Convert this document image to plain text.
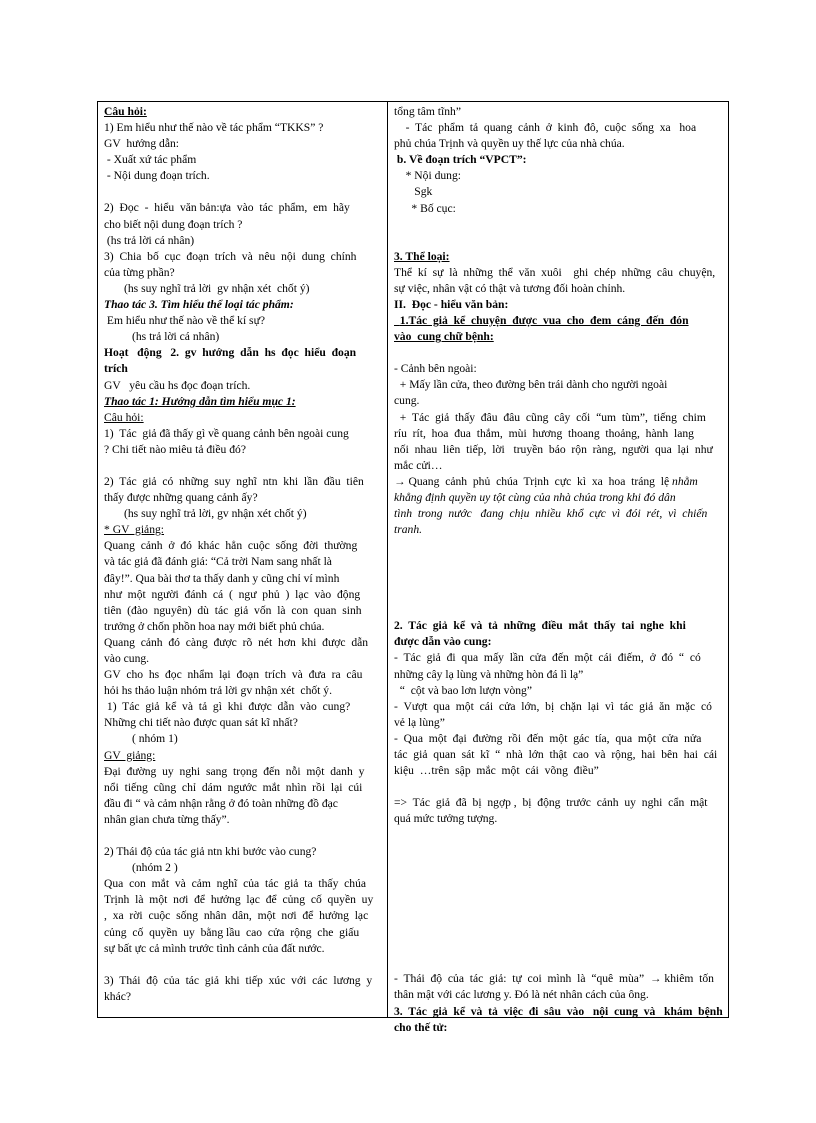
Câu hỏi:
1) Em hiểu như thế nào về tác phẩm “TKKS” ?
GV  hướng dẫn:
- Xuất xứ tác phẩm
- Nội dung đoạn trích.
2)  Đọc  -  hiểu  văn bản:ựa  vào  tác  phẩm,  em  hãy
cho biết nội dung đoạn trích ?
(hs trả lời cá nhân)
3)  Chia  bố  cục  đoạn  trích  và  nêu  nội  dung  chính
của từng phần?
(hs suy nghĩ trả lời  gv nhận xét  chốt ý)
Thao tác 3. Tìm hiểu thể loại tác phẩm:
Em hiểu như thế nào về thể kí sự?
(hs trả lời cá nhân)
Hoạt   động   2.  gv  hướng  dẫn  hs  đọc  hiểu  đoạn
trích
GV   yêu cầu hs đọc đoạn trích.
Thao tác 1: Hướng dẫn tìm hiểu mục 1:
Câu hỏi:
1)  Tác  giả đã thấy gì về quang cảnh bên ngoài cung
? Chi tiết nào miêu tả điều đó?
2)  Tác  giả  có  những  suy  nghĩ  ntn  khi  lần  đầu  tiên
thấy được những quang cảnh ấy?
(hs suy nghĩ trả lời, gv nhận xét chốt ý)
* GV  giảng:
Quang  cảnh  ở  đó  khác  hẳn  cuộc  sống  đời  thường
và tác giả đã đánh giá: “Cả trời Nam sang nhất là
đây!”. Qua bài thơ ta thấy danh y cũng chỉ ví mình
như  một  người  đánh  cá  (  ngư  phủ  )  lạc  vào  động
tiên  (đào  nguyên)  dù  tác  giả  vốn  là  con  quan  sinh
trưởng ở chốn phồn hoa nay mới biết phủ chúa.
Quang  cảnh  đó  càng  được  rõ  nét  hơn  khi  được  dẫn
vào cung.
GV  cho  hs  đọc  nhẩm  lại  đoạn  trích  và  đưa  ra  câu
hỏi hs thảo luận nhóm trả lời gv nhận xét  chốt ý.
1)  Tác  giả  kể  và  tả  gì  khi  được  dẫn  vào  cung?
Những chi tiết nào được quan sát kĩ nhất?
( nhóm 1)
GV  giảng:
Đại  đường  uy  nghi  sang  trọng  đến  nỗi  một  danh  y
nổi  tiếng  cũng  chỉ  dám  ngước  mắt  nhìn  rồi  lại  cúi
đầu đi “ và cảm nhận rằng ở đó toàn những đồ đạc
nhân gian chưa từng thấy”.
2) Thái độ của tác giả ntn khi bước vào cung?
(nhóm 2 )
Qua  con  mắt  và  cảm  nghĩ  của  tác  giả  ta  thấy  chúa
Trịnh  là  một  nơi  để  hưởng  lạc  để  củng  cố  quyền  uy
,  xa  rời  cuộc  sống  nhân  dân,  một  nơi  để  hưởng  lạc
củng  cố  quyền  uy  bằng lầu  cao  cửa  rộng  che  giấu
sự bất ực cả mình trước tình cảnh của đất nước.
3)  Thái  độ  của  tác  giả  khi  tiếp  xúc  với  các  lương  y
khác?
tổng tâm tĩnh”
-  Tác  phẩm  tả  quang  cảnh  ở  kinh  đô,  cuộc  sống  xa   hoa
phủ chúa Trịnh và quyền uy thế lực của nhà chúa.
b. Về đoạn trích “VPCT”:
* Nội dung:
Sgk
* Bố cục:
3. Thể loại:
Thể  kí  sự  là  những  thể  văn  xuôi    ghi  chép  những  câu  chuyện,
sự việc, nhân vật có thật và tương đối hoàn chỉnh.
II.  Đọc - hiểu văn bản:
1.Tác  giả  kể  chuyện  được  vua  cho  đem  cáng  đến  đón
vào  cung chữ bệnh:
- Cảnh bên ngoài:
+ Mấy lần cửa, theo đường bên trái dành cho người ngoài
cung.
+  Tác  giả  thấy  đâu  đâu  cũng  cây  cối  “um  tùm”,  tiếng  chim
ríu  rít,  hoa  đua  thắm,  mùi  hương  thoang  thoảng,  hành  lang
nối  nhau  liên  tiếp,  lời   truyền  báo  rộn  ràng,  người  qua  lại  như
mắc cửi…
→ Quang  cảnh  phủ  chúa  Trịnh  cực  kì  xa  hoa  tráng  lệ nhằm
khẳng định quyền uy tột cùng của nhà chúa trong khi đó dân
tình  trong  nước   đang  chịu  nhiều  khổ  cực  vì  đói  rét,  vì  chiến
tranh.
2.  Tác  giả  kể  và  tả  những  điều  mắt  thấy  tai  nghe  khi
được dẫn vào cung:
-  Tác  giả  đi  qua  mấy  lần  cửa  đến  một  cái  điếm,  ở  đó  “  có
những cây lạ lùng và những hòn đá lì lạ”
“  cột và bao lơn lượn vòng”
-  Vượt  qua  một  cái  cửa  lớn,  bị  chặn  lại  vì  tác  giả  ăn  mặc  có
vẻ lạ lùng”
-  Qua  một  đại  đường  rồi  đến  một  gác  tía,  qua  một  cửa  nửa
tác  giả  quan  sát  kĩ  “  nhà  lớn  thật  cao  và  rộng,  hai  bên  hai  cái
kiệu  …trên  sập  mắc  một  cái  võng  điều”
=>  Tác  giả  đã  bị  ngợp ,  bị  động  trước  cảnh  uy  nghi  cẩn  mật
quá mức tưởng tượng.
-  Thái  độ  của  tác  giả:  tự  coi  mình  là  “quê  mùa”  → khiêm  tốn
thân mật với các lương y. Đó là nét nhân cách của ông.
3.  Tác  giả  kể  và  tả  việc  đi  sâu  vào   nội  cung  và   khám  bệnh
cho thế tử:
